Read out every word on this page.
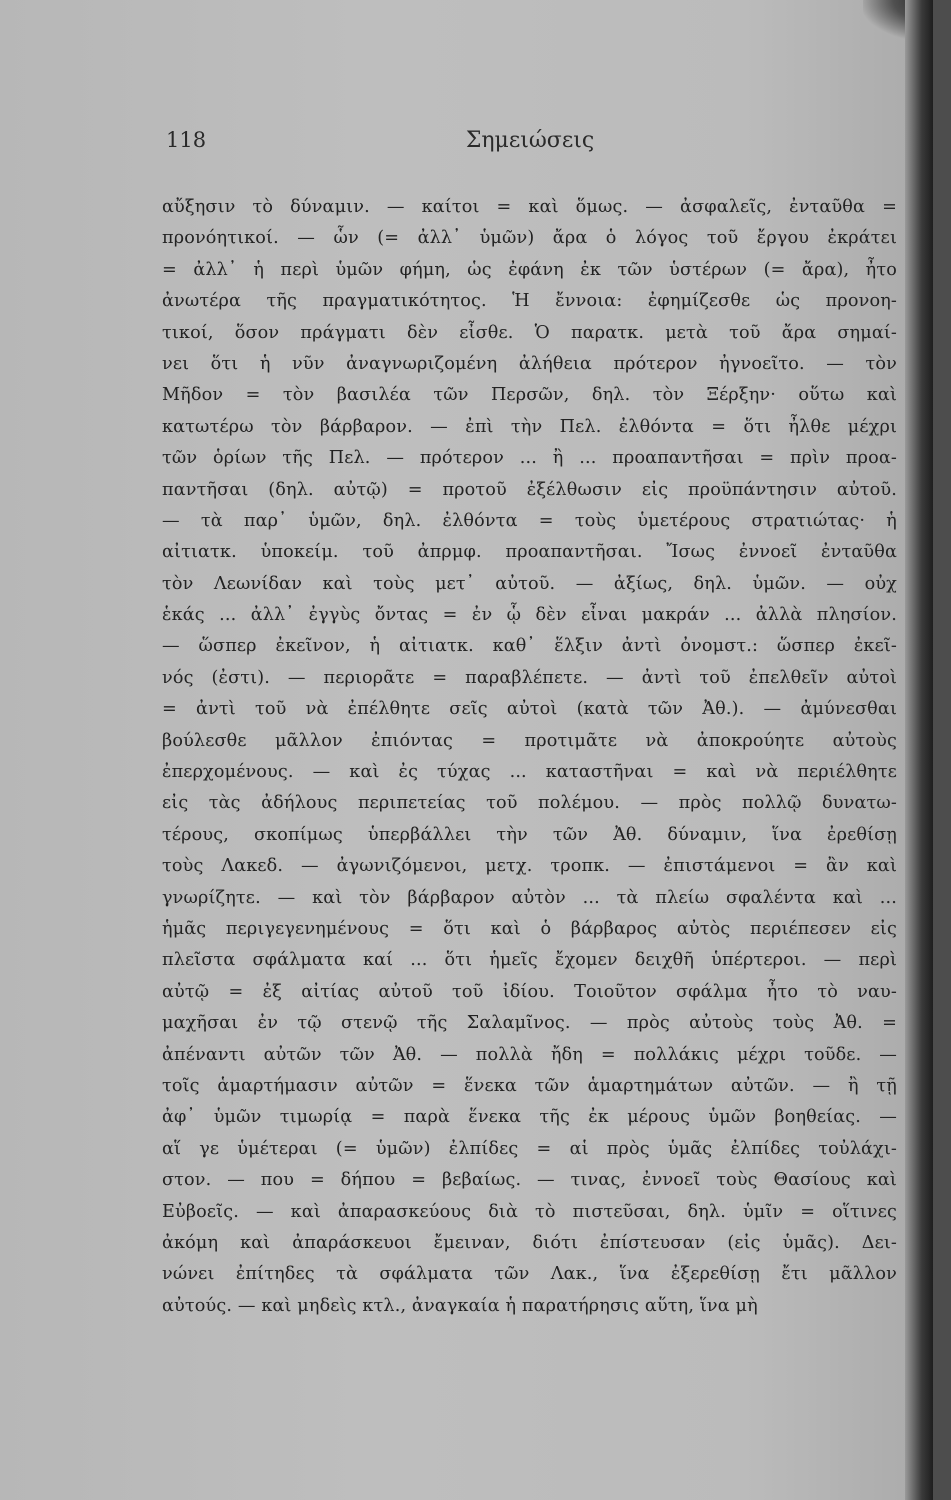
118	Σημειώσεις
αὔξησιν τὸ δύναμιν. — καίτοι = καὶ ὅμως. — ἀσφαλεῖς, ἐνταῦθα =
προνόητικοί. — ὧν (= ἀλλ᾽ ὑμῶν) ἄρα ὁ λόγος τοῦ ἔργου ἐκράτει
= ἀλλ᾽ ἡ περὶ ὑμῶν φήμη, ὡς ἐφάνη ἐκ τῶν ὑστέρων (= ἄρα), ἦτο
ἀνωτέρα τῆς πραγματικότητος. Ἡ ἔννοια: ἐφημίζεσθε ὡς προνοη-
τικοί, ὅσον πράγματι δὲν εἶσθε. Ὁ παρατκ. μετὰ τοῦ ἄρα σημαί-
νει ὅτι ἡ νῦν ἀναγνωριζομένη ἀλήθεια πρότερον ἠγνοεῖτο. — τὸν
Μῆδον = τὸν βασιλέα τῶν Περσῶν, δηλ. τὸν Ξέρξην· οὕτω καὶ
κατωτέρω τὸν βάρβαρον. — ἐπὶ τὴν Πελ. ἐλθόντα = ὅτι ἦλθε μέχρι
τῶν ὁρίων τῆς Πελ. — πρότερον ... ἢ ... προαπαντῆσαι = πρὶν προα-
παντῆσαι (δηλ. αὐτῷ) = προτοῦ ἐξέλθωσιν εἰς προϋπάντησιν αὐτοῦ.
— τὰ παρ᾽ ὑμῶν, δηλ. ἐλθόντα = τοὺς ὑμετέρους στρατιώτας· ἡ
αἰτιατκ. ὑποκείμ. τοῦ ἀπρμφ. προαπαντῆσαι. Ἴσως ἐννοεῖ ἐνταῦθα
τὸν Λεωνίδαν καὶ τοὺς μετ᾽ αὐτοῦ. — ἀξίως, δηλ. ὑμῶν. — οὐχ
ἑκάς ... ἀλλ᾽ ἐγγὺς ὄντας = ἐν ᾧ δὲν εἶναι μακράν ... ἀλλὰ πλησίον.
— ὥσπερ ἐκεῖνον, ἡ αἰτιατκ. καθ᾽ ἕλξιν ἀντὶ ὀνομστ.: ὥσπερ ἐκεῖ-
νός (ἐστι). — περιορᾶτε = παραβλέπετε. — ἀντὶ τοῦ ἐπελθεῖν αὐτοὶ
= ἀντὶ τοῦ νὰ ἐπέλθητε σεῖς αὐτοὶ (κατὰ τῶν Ἀθ.). — ἀμύνεσθαι
βούλεσθε μᾶλλον ἐπιόντας = προτιμᾶτε νὰ ἀποκρούητε αὐτοὺς
ἐπερχομένους. — καὶ ἐς τύχας ... καταστῆναι = καὶ νὰ περιέλθητε
εἰς τὰς ἀδήλους περιπετείας τοῦ πολέμου. — πρὸς πολλῷ δυνατω-
τέρους, σκοπίμως ὑπερβάλλει τὴν τῶν Ἀθ. δύναμιν, ἵνα ἐρεθίσῃ
τοὺς Λακεδ. — ἀγωνιζόμενοι, μετχ. τροπκ. — ἐπιστάμενοι = ἂν καὶ
γνωρίζητε. — καὶ τὸν βάρβαρον αὐτὸν ... τὰ πλείω σφαλέντα καὶ ...
ἡμᾶς περιγεγενημένους = ὅτι καὶ ὁ βάρβαρος αὐτὸς περιέπεσεν εἰς
πλεῖστα σφάλματα καί ... ὅτι ἡμεῖς ἔχομεν δειχθῆ ὑπέρτεροι. — περὶ
αὐτῷ = ἐξ αἰτίας αὐτοῦ τοῦ ἰδίου. Τοιοῦτον σφάλμα ἦτο τὸ ναυ-
μαχῆσαι ἐν τῷ στενῷ τῆς Σαλαμῖνος. — πρὸς αὐτοὺς τοὺς Ἀθ. =
ἀπέναντι αὐτῶν τῶν Ἀθ. — πολλὰ ἤδη = πολλάκις μέχρι τοῦδε. —
τοῖς ἁμαρτήμασιν αὐτῶν = ἕνεκα τῶν ἁμαρτημάτων αὐτῶν. — ἢ τῇ
ἀφ᾽ ὑμῶν τιμωρίᾳ = παρὰ ἕνεκα τῆς ἐκ μέρους ὑμῶν βοηθείας. —
αἵ γε ὑμέτεραι (= ὑμῶν) ἐλπίδες = αἱ πρὸς ὑμᾶς ἐλπίδες τοὐλάχι-
στον. — που = δήπου = βεβαίως. — τινας, ἐννοεῖ τοὺς Θασίους καὶ
Εὐβοεῖς. — καὶ ἀπαρασκεύους διὰ τὸ πιστεῦσαι, δηλ. ὑμῖν = οἵτινες
ἀκόμη καὶ ἀπαράσκευοι ἔμειναν, διότι ἐπίστευσαν (εἰς ὑμᾶς). Δει-
νώνει ἐπίτηδες τὰ σφάλματα τῶν Λακ., ἵνα ἐξερεθίσῃ ἔτι μᾶλλον
αὐτούς. — καὶ μηδεὶς κτλ., ἀναγκαία ἡ παρατήρησις αὕτη, ἵνα μὴ
